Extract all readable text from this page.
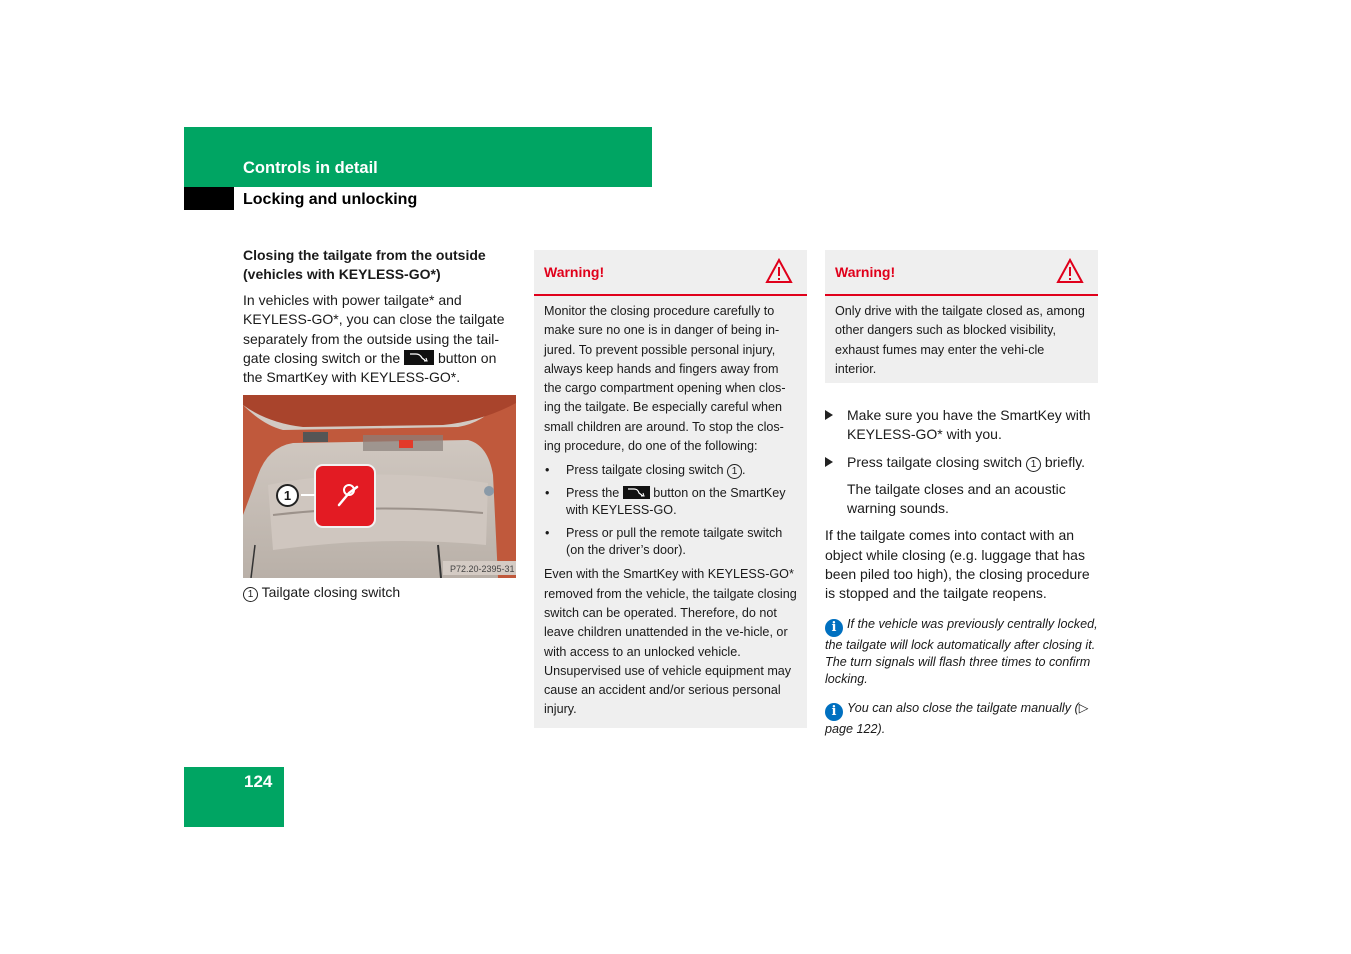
Controls in detail
Locking and unlocking
Closing the tailgate from the outside
(vehicles with KEYLESS-GO*)
In vehicles with power tailgate* and KEYLESS-GO*, you can close the tailgate separately from the outside using the tail-gate closing switch or the	button on the SmartKey with KEYLESS-GO*.
1
P72.20-2395-31
1 Tailgate closing switch
Warning!

Monitor the closing procedure carefully to make sure no one is in danger of being in-jured. To prevent possible personal injury, always keep hands and fingers away from the cargo compartment opening when clos-ing the tailgate. Be especially careful when small children are around. To stop the clos-ing procedure, do one of the following:

• Press tailgate closing switch 1 .
• Press the	button on the SmartKey with KEYLESS-GO.
• Press or pull the remote tailgate switch (on the driver’s door).

Even with the SmartKey with KEYLESS-GO* removed from the vehicle, the tailgate closing switch can be operated. Therefore, do not leave children unattended in the ve-hicle, or with access to an unlocked vehicle. Unsupervised use of vehicle equipment may cause an accident and/or serious personal injury.

Warning!

Only drive with the tailgate closed as, among other dangers such as blocked visibility, exhaust fumes may enter the vehi-cle interior.

Make sure you have the SmartKey with KEYLESS-GO* with you.
Press tailgate closing switch 1 briefly.
The tailgate closes and an acoustic warning sounds.
If the tailgate comes into contact with an object while closing (e.g. luggage that has been piled too high), the closing procedure is stopped and the tailgate reopens.
i If the vehicle was previously centrally locked, the tailgate will lock automatically after closing it. The turn signals will flash three times to confirm locking.
i You can also close the tailgate manually (▷ page 122).
124
